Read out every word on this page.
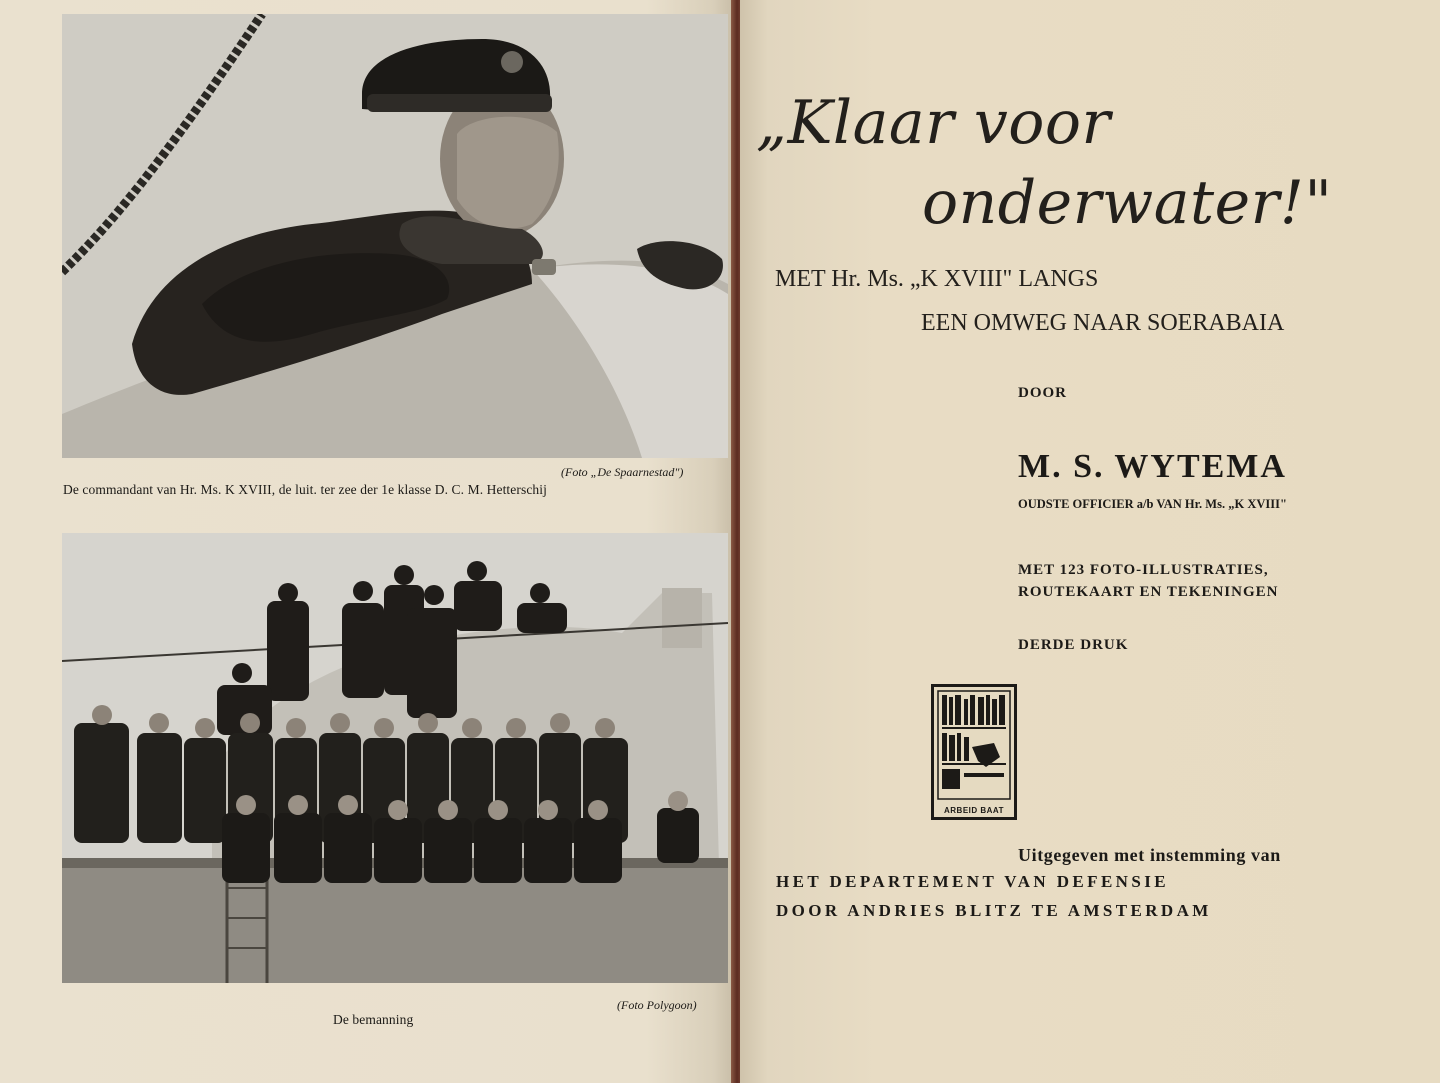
(Foto „De Spaarnestad")
De commandant van Hr. Ms. K XVIII, de luit. ter zee der 1e klasse D. C. M. Hetterschij
De bemanning
(Foto Polygoon)
„Klaar voor
onderwater!"
MET Hr. Ms. „K XVIII" LANGS
EEN OMWEG NAAR SOERABAIA
DOOR
M. S. WYTEMA
OUDSTE OFFICIER a/b VAN Hr. Ms. „K XVIII"
MET 123 FOTO-ILLUSTRATIES,
ROUTEKAART EN TEKENINGEN
DERDE DRUK
ARBEID BAAT
Uitgegeven met instemming van
HET DEPARTEMENT VAN DEFENSIE
DOOR ANDRIES BLITZ TE AMSTERDAM
